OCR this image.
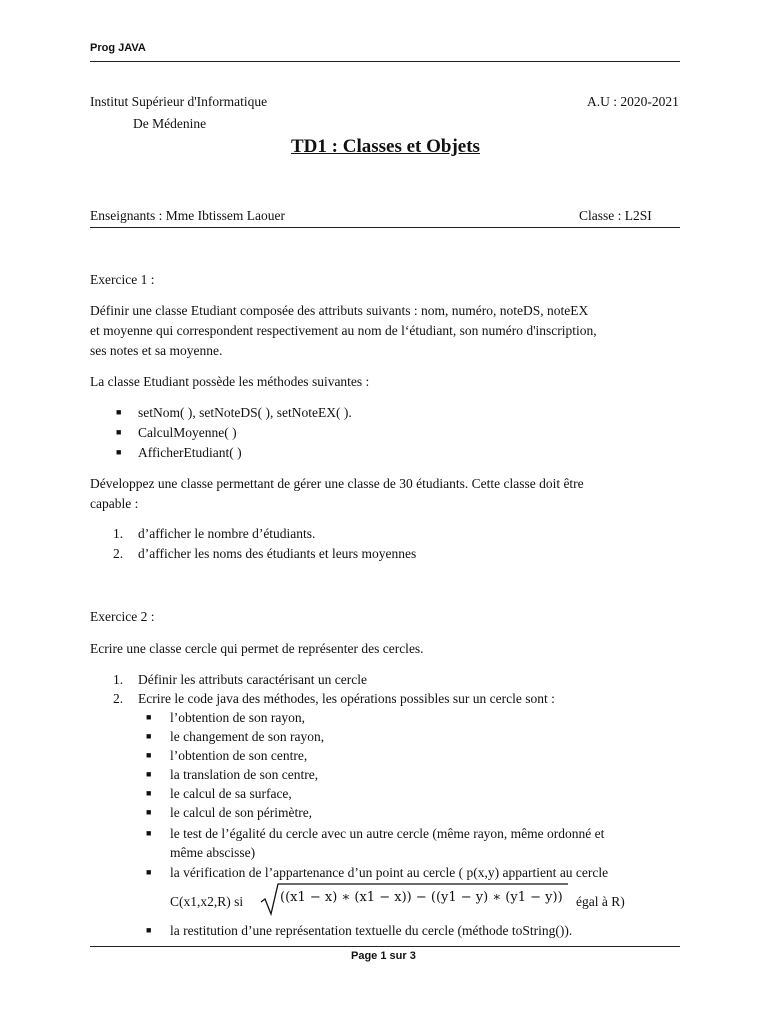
Prog JAVA
Institut Supérieur d'Informatique	A.U : 2020-2021
De Médenine
TD1 : Classes et Objets
Enseignants : Mme Ibtissem Laouer	Classe : L2SI
Exercice 1 :
Définir une classe Etudiant composée des attributs suivants : nom, numéro, noteDS, noteEX
et moyenne qui correspondent respectivement au nom de l‘étudiant, son numéro d'inscription,
ses notes et sa moyenne.
La classe Etudiant possède les méthodes suivantes :
■ setNom( ), setNoteDS( ), setNoteEX( ).
■ CalculMoyenne( )
■ AfficherEtudiant( )
Développez une classe permettant de gérer une classe de 30 étudiants. Cette classe doit être
capable :
1. d’afficher le nombre d’étudiants.
2. d’afficher les noms des étudiants et leurs moyennes
Exercice 2 :
Ecrire une classe cercle qui permet de représenter des cercles.
1. Définir les attributs caractérisant un cercle
2. Ecrire le code java des méthodes, les opérations possibles sur un cercle sont :
■ l’obtention de son rayon,
■ le changement de son rayon,
■ l’obtention de son centre,
■ la translation de son centre,
■ le calcul de sa surface,
■ le calcul de son périmètre,
■ le test de l’égalité du cercle avec un autre cercle (même rayon, même ordonné et
même abscisse)
■ la vérification de l’appartenance d’un point au cercle ( p(x,y) appartient au cercle
C(x1,x2,R) si	((x1 − x) ∗ (x1 − x)) − ((y1 − y) ∗ (y1 − y)) égal à R)
■ la restitution d’une représentation textuelle du cercle (méthode toString()).
Page 1 sur 3
